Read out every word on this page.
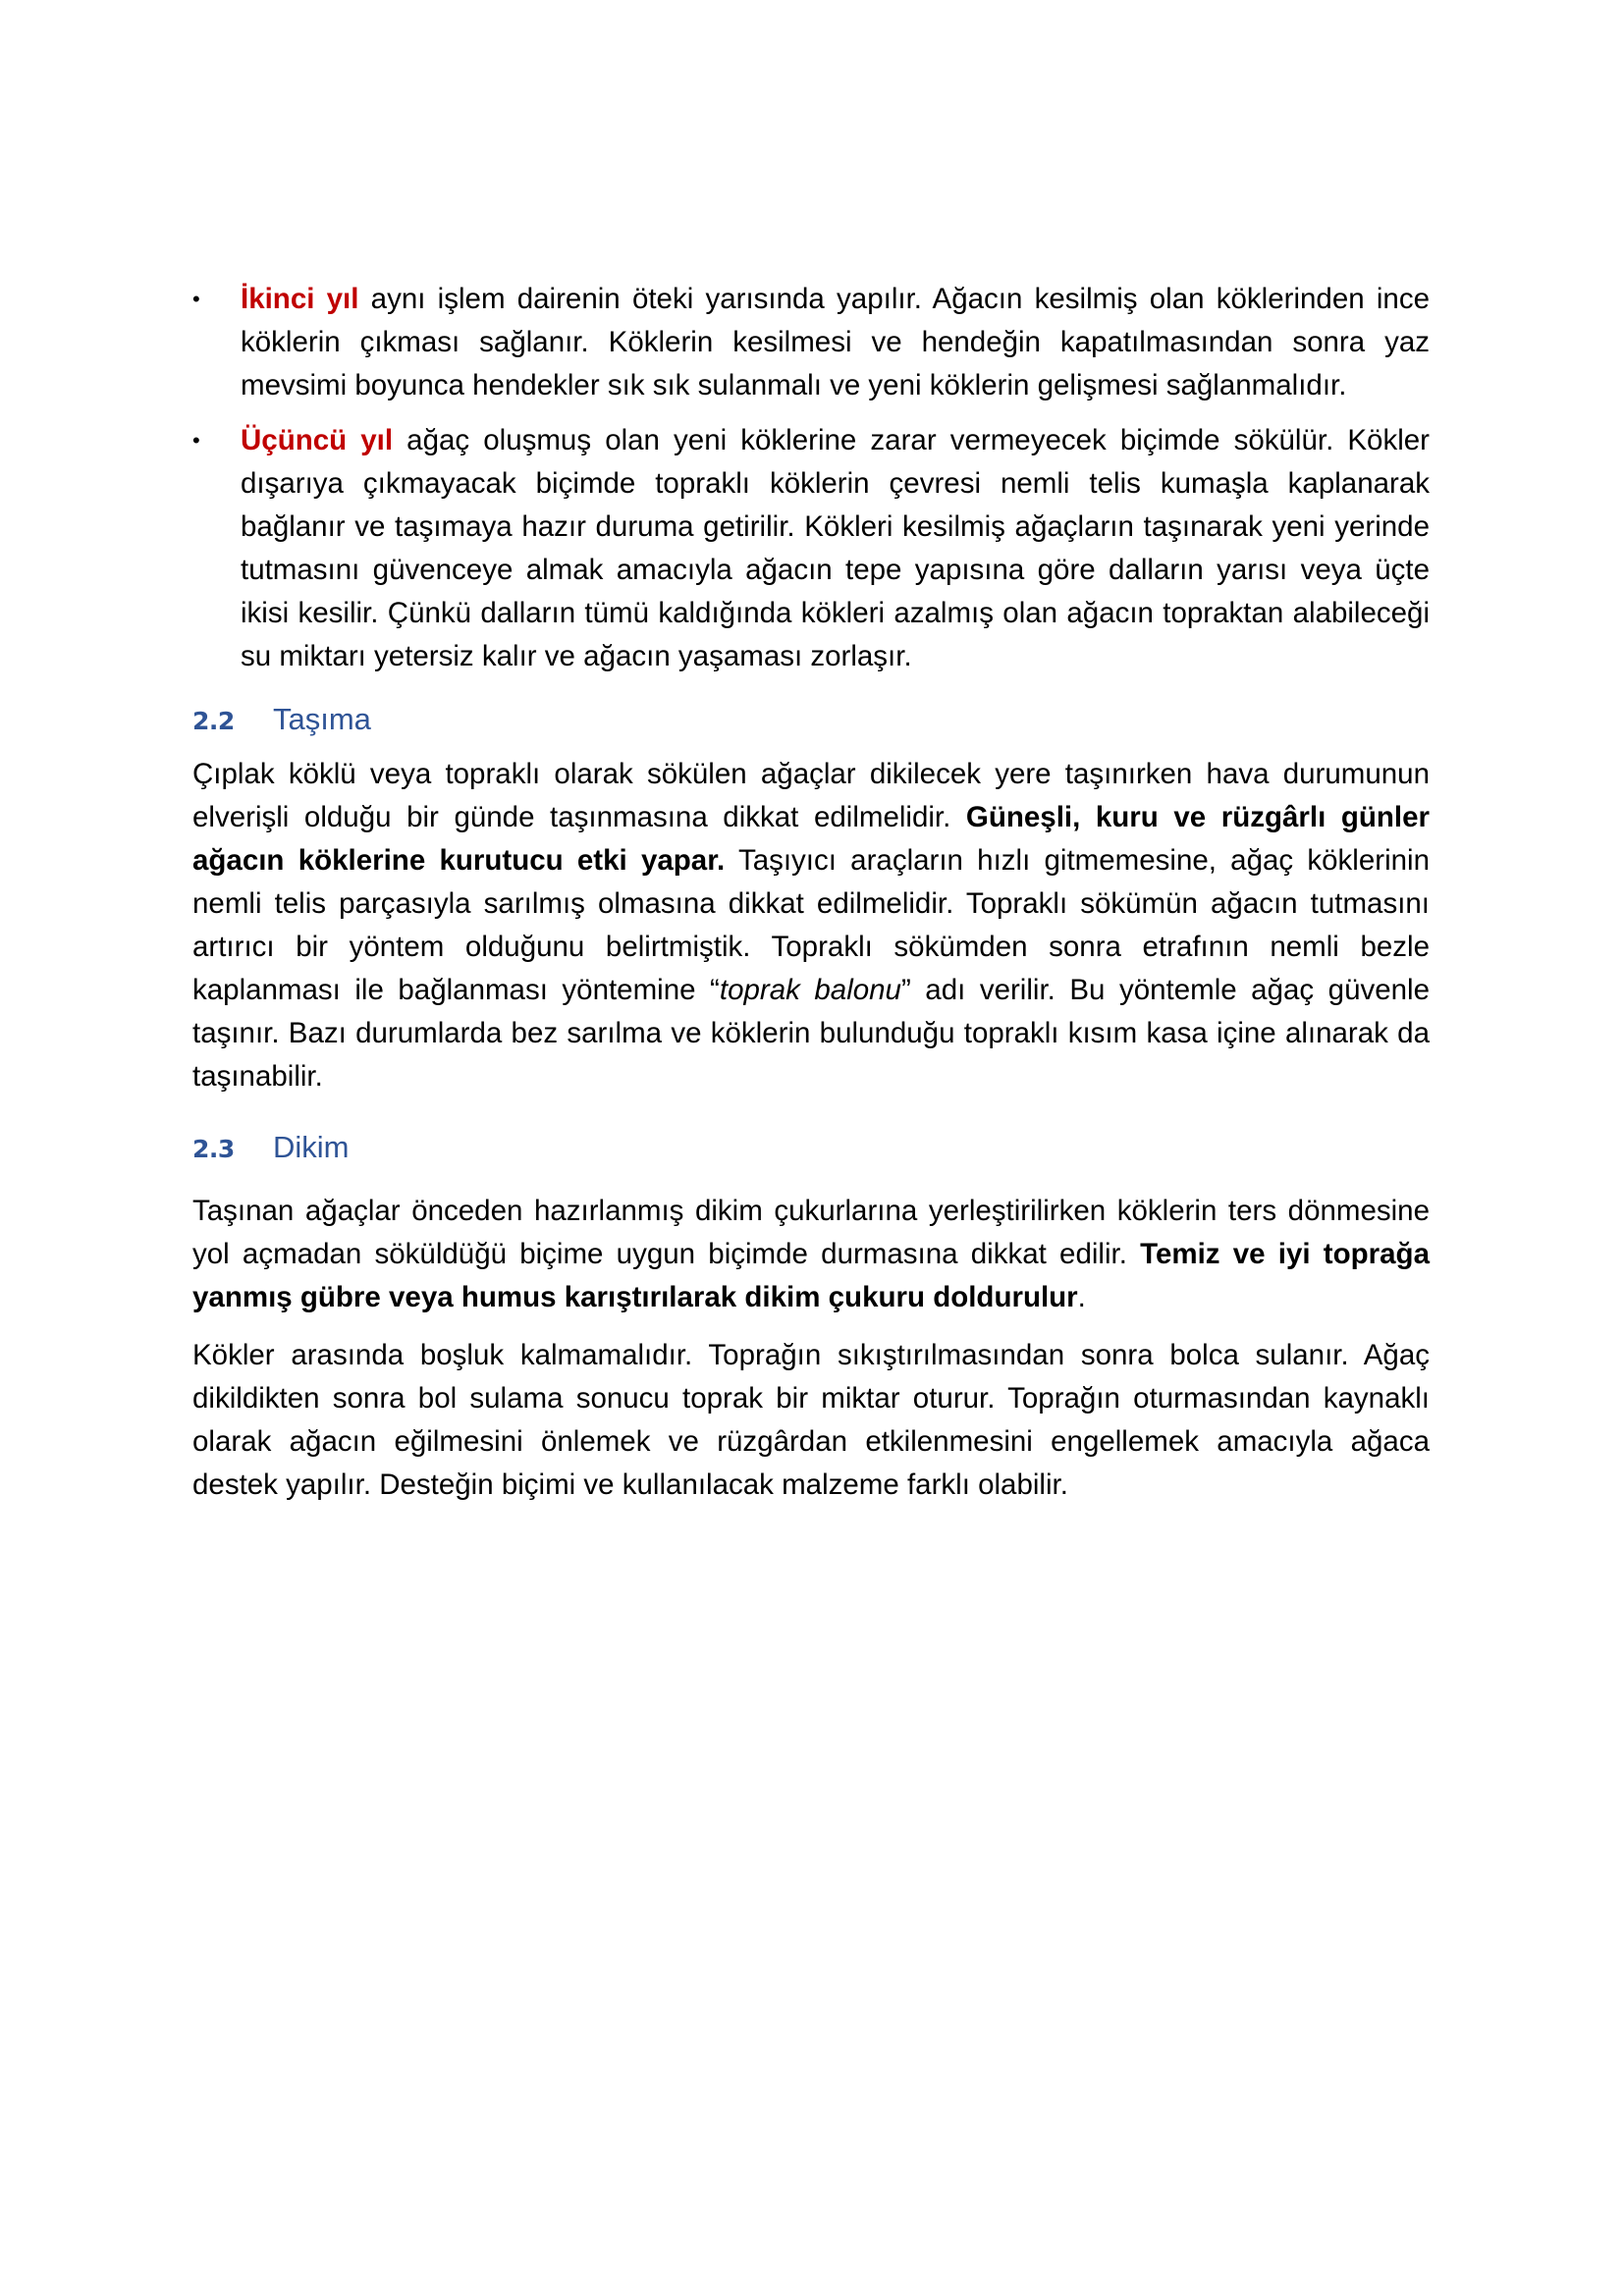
• İkinci yıl aynı işlem dairenin öteki yarısında yapılır. Ağacın kesilmiş olan köklerinden ince köklerin çıkması sağlanır. Köklerin kesilmesi ve hendeğin kapatılmasından sonra yaz mevsimi boyunca hendekler sık sık sulanmalı ve yeni köklerin gelişmesi sağlanmalıdır.
• Üçüncü yıl ağaç oluşmuş olan yeni köklerine zarar vermeyecek biçimde sökülür. Kökler dışarıya çıkmayacak biçimde topraklı köklerin çevresi nemli telis kumaşla kaplanarak bağlanır ve taşımaya hazır duruma getirilir. Kökleri kesilmiş ağaçların taşınarak yeni yerinde tutmasını güvenceye almak amacıyla ağacın tepe yapısına göre dalların yarısı veya üçte ikisi kesilir. Çünkü dalların tümü kaldığında kökleri azalmış olan ağacın topraktan alabileceği su miktarı yetersiz kalır ve ağacın yaşaması zorlaşır.
2.2 Taşıma

Çıplak köklü veya topraklı olarak sökülen ağaçlar dikilecek yere taşınırken hava durumunun elverişli olduğu bir günde taşınmasına dikkat edilmelidir. Güneşli, kuru ve rüzgârlı günler ağacın köklerine kurutucu etki yapar. Taşıyıcı araçların hızlı gitmemesine, ağaç köklerinin nemli telis parçasıyla sarılmış olmasına dikkat edilmelidir. Topraklı sökümün ağacın tutmasını artırıcı bir yöntem olduğunu belirtmiştik. Topraklı sökümden sonra etrafının nemli bezle kaplanması ile bağlanması yöntemine “toprak balonu” adı verilir. Bu yöntemle ağaç güvenle taşınır. Bazı durumlarda bez sarılma ve köklerin bulunduğu topraklı kısım kasa içine alınarak da taşınabilir.

2.3 Dikim

Taşınan ağaçlar önceden hazırlanmış dikim çukurlarına yerleştirilirken köklerin ters dönmesine yol açmadan söküldüğü biçime uygun biçimde durmasına dikkat edilir. Temiz ve iyi toprağa yanmış gübre veya humus karıştırılarak dikim çukuru doldurulur.

Kökler arasında boşluk kalmamalıdır. Toprağın sıkıştırılmasından sonra bolca sulanır. Ağaç dikildikten sonra bol sulama sonucu toprak bir miktar oturur. Toprağın oturmasından kaynaklı olarak ağacın eğilmesini önlemek ve rüzgârdan etkilenmesini engellemek amacıyla ağaca destek yapılır. Desteğin biçimi ve kullanılacak malzeme farklı olabilir.
